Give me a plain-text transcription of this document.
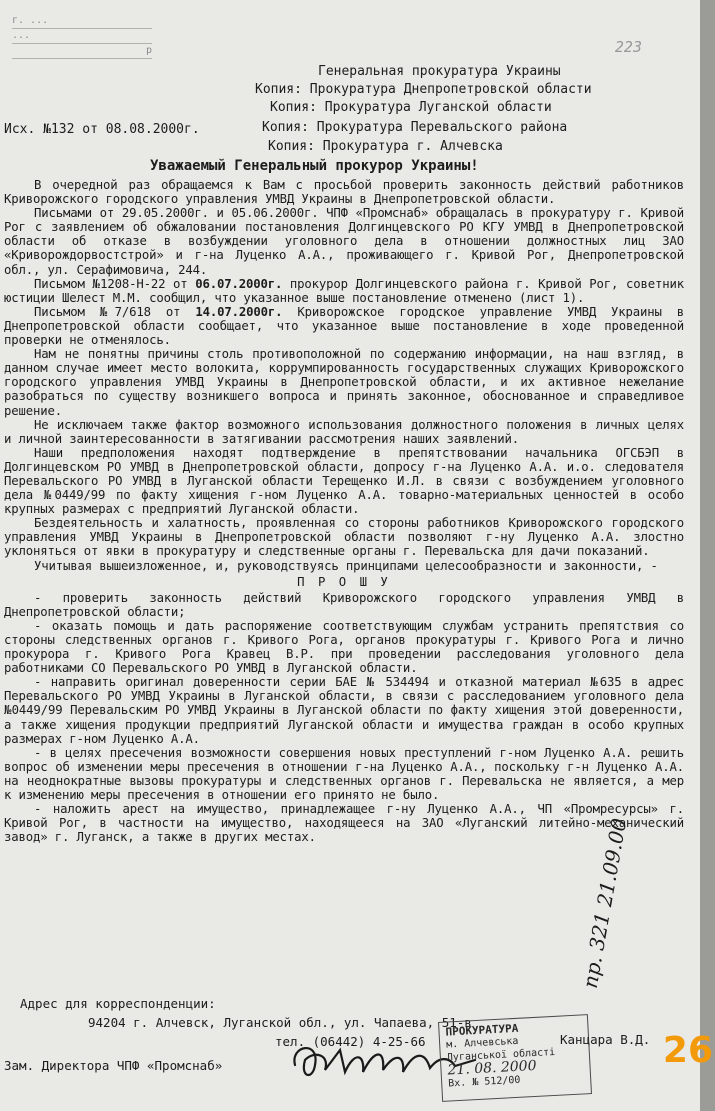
г. ...
...
р	223
Генеральная прокуратура Украины
Копия: Прокуратура Днепропетровской области
Копия: Прокуратура Луганской области
Копия: Прокуратура Перевальского района
Копия: Прокуратура г. Алчевска
Исх. №132 от 08.08.2000г.
Уважаемый Генеральный прокурор Украины!

В очередной раз обращаемся к Вам с просьбой проверить законность действий работников Криворожского городского управления УМВД Украины в Днепропетровской области.

Письмами от 29.05.2000г. и 05.06.2000г. ЧПФ «Промснаб» обращалась в прокуратуру г. Кривой Рог с заявлением об обжаловании постановления Долгинцевского РО КГУ УМВД в Днепропетровской области об отказе в возбуждении уголовного дела в отношении должностных лиц ЗАО «Криворождорвостстрой» и г-на Луценко А.А., проживающего г. Кривой Рог, Днепропетровской обл., ул. Серафимовича, 244.

Письмом №1208-Н-22 от 06.07.2000г. прокурор Долгинцевского района г. Кривой Рог, советник юстиции Шелест М.М. сообщил, что указанное выше постановление отменено (лист 1).

Письмом №7/618 от 14.07.2000г. Криворожское городское управление УМВД Украины в Днепропетровской области сообщает, что указанное выше постановление в ходе проведенной проверки не отменялось.

Нам не понятны причины столь противоположной по содержанию информации, на наш взгляд, в данном случае имеет место волокита, коррумпированность государственных служащих Криворожского городского управления УМВД Украины в Днепропетровской области, и их активное нежелание разобраться по существу возникшего вопроса и принять законное, обоснованное и справедливое решение.

Не исключаем также фактор возможного использования должностного положения в личных целях и личной заинтересованности в затягивании рассмотрения наших заявлений.

Наши предположения находят подтверждение в препятствовании начальника ОГСБЭП в Долгинцевском РО УМВД в Днепропетровской области, допросу г-на Луценко А.А. и.о. следователя Перевальского РО УМВД в Луганской области Терещенко И.Л. в связи с возбуждением уголовного дела №0449/99 по факту хищения г-ном Луценко А.А. товарно-материальных ценностей в особо крупных размерах с предприятий Луганской области.

Бездеятельность и халатность, проявленная со стороны работников Криворожского городского управления УМВД Украины в Днепропетровской области позволяют г-ну Луценко А.А. злостно уклоняться от явки в прокуратуру и следственные органы г. Перевальска для дачи показаний.

Учитывая вышеизложенное, и, руководствуясь принципами целесообразности и законности, -

П Р О Ш У

- проверить законность действий Криворожского городского управления УМВД в Днепропетровской области;

- оказать помощь и дать распоряжение соответствующим службам устранить препятствия со стороны следственных органов г. Кривого Рога, органов прокуратуры г. Кривого Рога и лично прокурора г. Кривого Рога Кравец В.Р. при проведении расследования уголовного дела работниками СО Перевальского РО УМВД в Луганской области.

- направить оригинал доверенности серии БАЕ № 534494 и отказной материал №635 в адрес Перевальского РО УМВД Украины в Луганской области, в связи с расследованием уголовного дела №0449/99 Перевальским РО УМВД Украины в Луганской области по факту хищения этой доверенности, а также хищения продукции предприятий Луганской области и имущества граждан в особо крупных размерах г-ном Луценко А.А.

- в целях пресечения возможности совершения новых преступлений г-ном Луценко А.А. решить вопрос об изменении меры пресечения в отношении г-на Луценко А.А., поскольку г-н Луценко А.А. на неоднократные вызовы прокуратуры и следственных органов г. Перевальска не является, а мер к изменению меры пресечения в отношении его принято не было.

- наложить арест на имущество, принадлежащее г-ну Луценко А.А., ЧП «Промресурсы» г. Кривой Рог, в частности на имущество, находящееся на ЗАО «Луганский литейно-механический завод» г. Луганск, а также в других местах.

Адрес для корреспонденции:
94204 г. Алчевск, Луганской обл., ул. Чапаева, 51-в
тел. (06442) 4-25-66
ПРОКУРАТУРА
м. Алчевська
Луганської області
21. 08. 2000
Вх. № 512/00
Канцара В.Д.
Зам. Директора ЧПФ «Промснаб»
пр. 321 21.09.00
26
